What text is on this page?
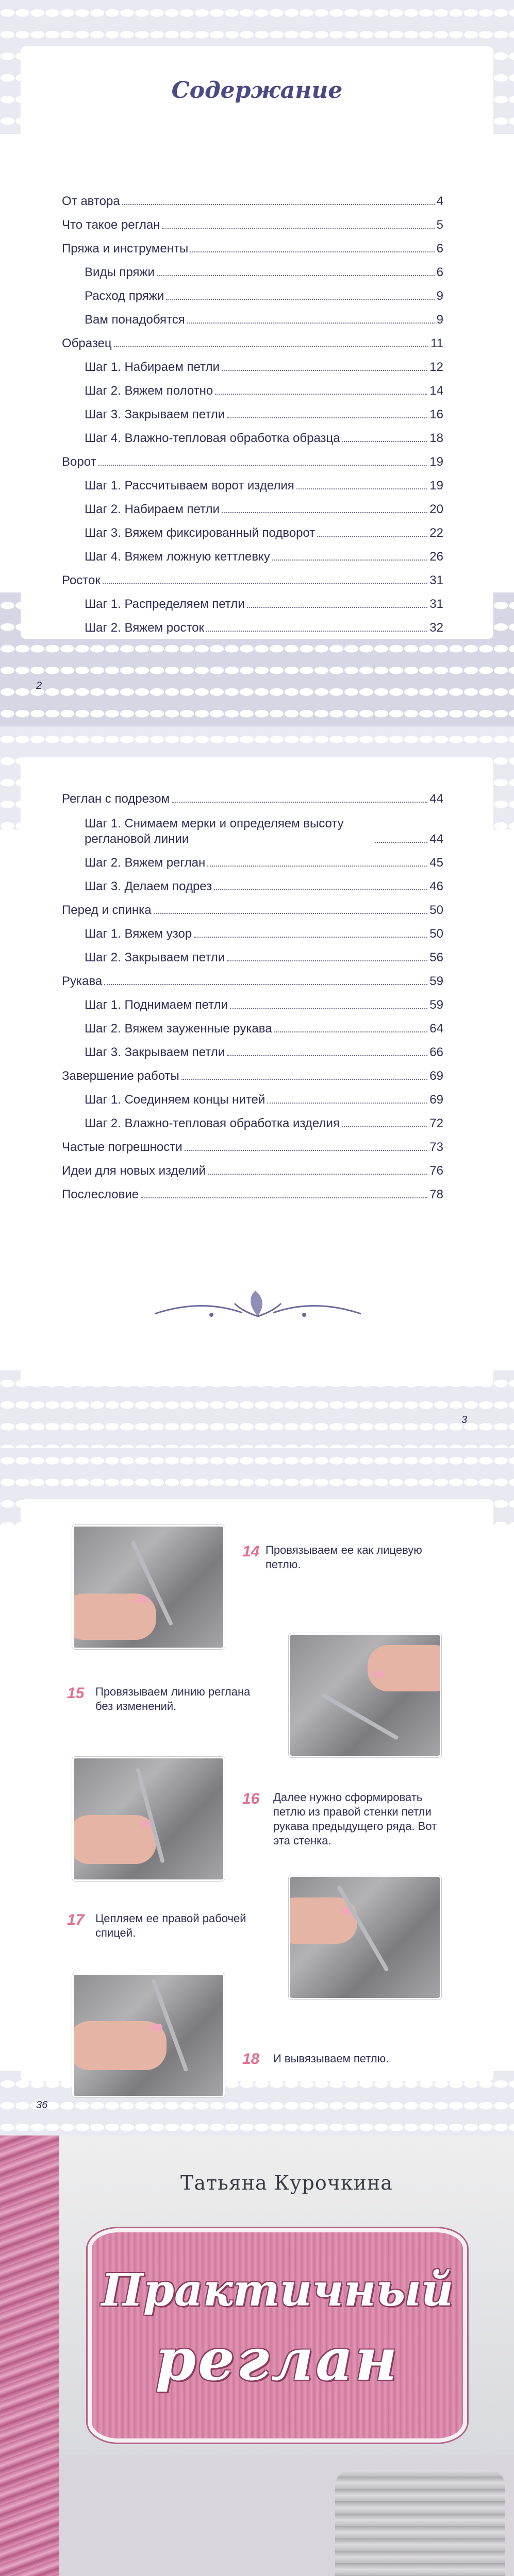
Содержание
От автора	4
Что такое реглан	5
Пряжа и инструменты	6
Виды пряжи	6
Расход пряжи	9
Вам понадобятся	9
Образец	11
Шаг 1. Набираем петли	12
Шаг 2. Вяжем полотно	14
Шаг 3. Закрываем петли	16
Шаг 4. Влажно-тепловая обработка образца	18
Ворот	19
Шаг 1. Рассчитываем ворот изделия	19
Шаг 2. Набираем петли	20
Шаг 3. Вяжем фиксированный подворот	22
Шаг 4. Вяжем ложную кеттлевку	26
Росток	31
Шаг 1. Распределяем петли	31
Шаг 2. Вяжем росток	32
2
Реглан с подрезом	44
Шаг 1. Снимаем мерки и определяем высоту реглановой линии	44
Шаг 2. Вяжем реглан	45
Шаг 3. Делаем подрез	46
Перед и спинка	50
Шаг 1. Вяжем узор	50
Шаг 2. Закрываем петли	56
Рукава	59
Шаг 1. Поднимаем петли	59
Шаг 2. Вяжем зауженные рукава	64
Шаг 3. Закрываем петли	66
Завершение работы	69
Шаг 1. Соединяем концы нитей	69
Шаг 2. Влажно-тепловая обработка изделия	72
Частые погрешности	73
Идеи для новых изделий	76
Послесловие	78
3
14 Провязываем ее как лицевую петлю.
15 Провязываем линию реглана без изменений.
16 Далее нужно сформировать петлю из правой стенки петли рукава предыдущего ряда. Вот эта стенка.
17 Цепляем ее правой рабочей спицей.
18 И вывязываем петлю.
36
Татьяна Курочкина
Практичный
реглан
